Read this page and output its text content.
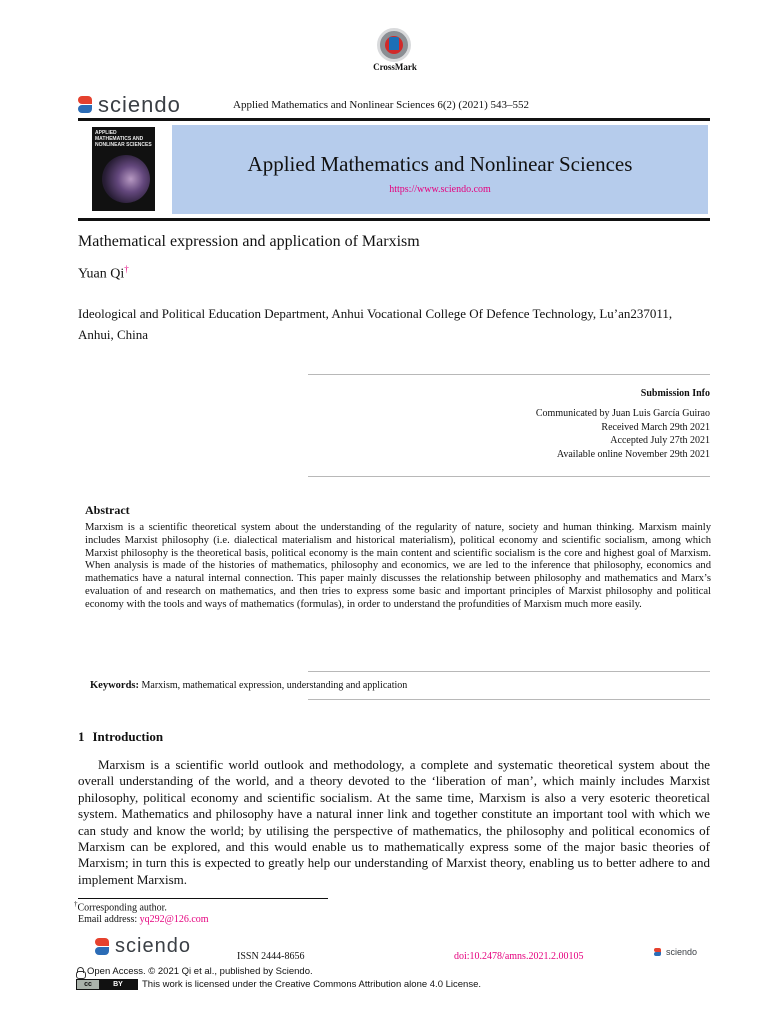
CrossMark
sciendo	Applied Mathematics and Nonlinear Sciences 6(2) (2021) 543–552
APPLIED MATHEMATICS AND NONLINEAR SCIENCES
Applied Mathematics and Nonlinear Sciences
https://www.sciendo.com
Mathematical expression and application of Marxism
Yuan Qi†
Ideological and Political Education Department, Anhui Vocational College Of Defence Technology, Lu’an237011, Anhui, China
Submission Info
Communicated by Juan Luis García Guirao
Received March 29th 2021
Accepted July 27th 2021
Available online November 29th 2021
Abstract
Marxism is a scientific theoretical system about the understanding of the regularity of nature, society and human thinking. Marxism mainly includes Marxist philosophy (i.e. dialectical materialism and historical materialism), political economy and scientific socialism, among which Marxist philosophy is the theoretical basis, political economy is the main content and scientific socialism is the core and highest goal of Marxism. When analysis is made of the histories of mathematics, philosophy and economics, we are led to the inference that philosophy, economics and mathematics have a natural internal connection. This paper mainly discusses the relationship between philosophy and mathematics and Marx’s evaluation of and research on mathematics, and then tries to express some basic and important principles of Marxist philosophy and political economy with the tools and ways of mathematics (formulas), in order to understand the profundities of Marxism much more easily.
Keywords: Marxism, mathematical expression, understanding and application
1 Introduction
Marxism is a scientific world outlook and methodology, a complete and systematic theoretical system about the overall understanding of the world, and a theory devoted to the ‘liberation of man’, which mainly includes Marxist philosophy, political economy and scientific socialism. At the same time, Marxism is also a very esoteric theoretical system. Mathematics and philosophy have a natural inner link and together constitute an important tool with which we can study and know the world; by utilising the perspective of mathematics, the philosophy and political economics of Marxism can be explored, and this would enable us to mathematically express some of the major basic theories of Marxism; in turn this is expected to greatly help our understanding of Marxist theory, enabling us to better adhere to and implement Marxism.
†Corresponding author.
Email address: yq292@126.com
sciendo	ISSN 2444-8656	doi:10.2478/amns.2021.2.00105	sciendo
Open Access. © 2021 Qi et al., published by Sciendo.
cc	BY	This work is licensed under the Creative Commons Attribution alone 4.0 License.
